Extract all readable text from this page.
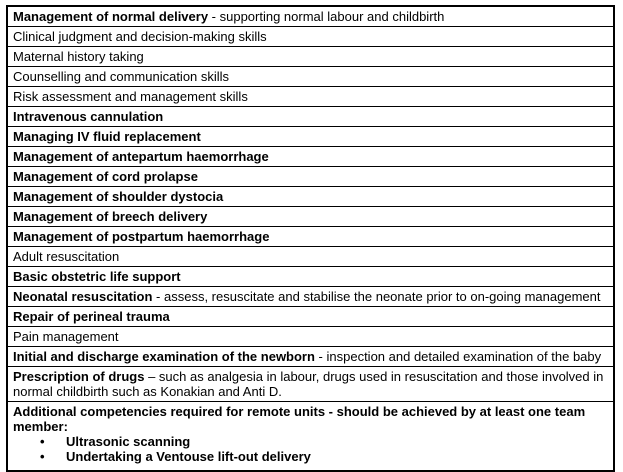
Management of normal delivery - supporting normal labour and childbirth
Clinical judgment and decision-making skills
Maternal history taking
Counselling and communication skills
Risk assessment and management skills
Intravenous cannulation
Managing IV fluid replacement
Management of antepartum haemorrhage
Management of cord prolapse
Management of shoulder dystocia
Management of breech delivery
Management of postpartum haemorrhage
Adult resuscitation
Basic obstetric life support
Neonatal resuscitation - assess, resuscitate and stabilise the neonate prior to on-going management
Repair of perineal trauma
Pain management
Initial and discharge examination of the newborn - inspection and detailed examination of the baby
Prescription of drugs – such as analgesia in labour, drugs used in resuscitation and those involved in normal childbirth such as Konakian and Anti D.
Additional competencies required for remote units - should be achieved by at least one team member:
•	Ultrasonic scanning
•	Undertaking a Ventouse lift-out delivery
